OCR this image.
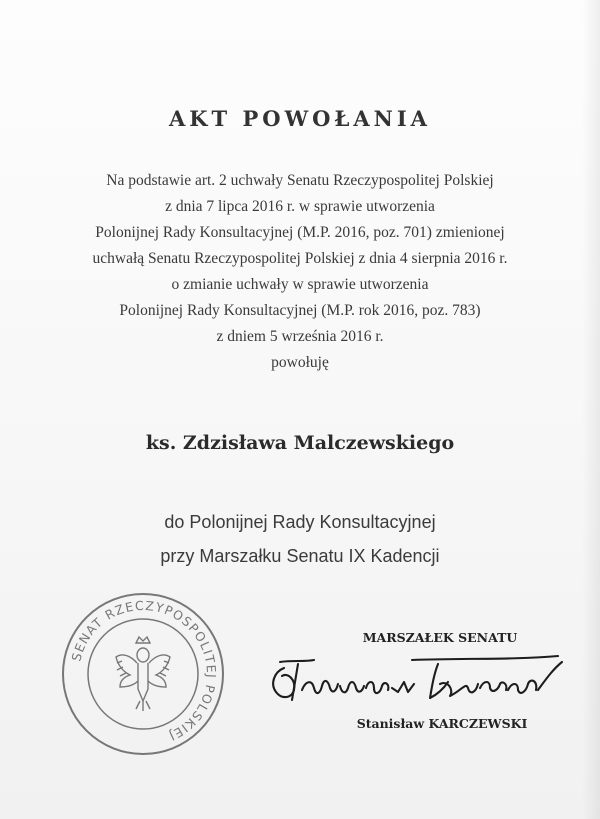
AKT POWOŁANIA
Na podstawie art. 2 uchwały Senatu Rzeczypospolitej Polskiej
z dnia 7 lipca 2016 r. w sprawie utworzenia
Polonijnej Rady Konsultacyjnej (M.P. 2016, poz. 701) zmienionej
uchwałą Senatu Rzeczypospolitej Polskiej z dnia 4 sierpnia 2016 r.
o zmianie uchwały w sprawie utworzenia
Polonijnej Rady Konsultacyjnej (M.P. rok 2016, poz. 783)
z dniem 5 września 2016 r.
powołuję
ks. Zdzisława Malczewskiego
do Polonijnej Rady Konsultacyjnej
przy Marszałku Senatu IX Kadencji
SENAT RZECZYPOSPOLITEJ POLSKIEJ
MARSZAŁEK SENATU
Stanisław KARCZEWSKI
